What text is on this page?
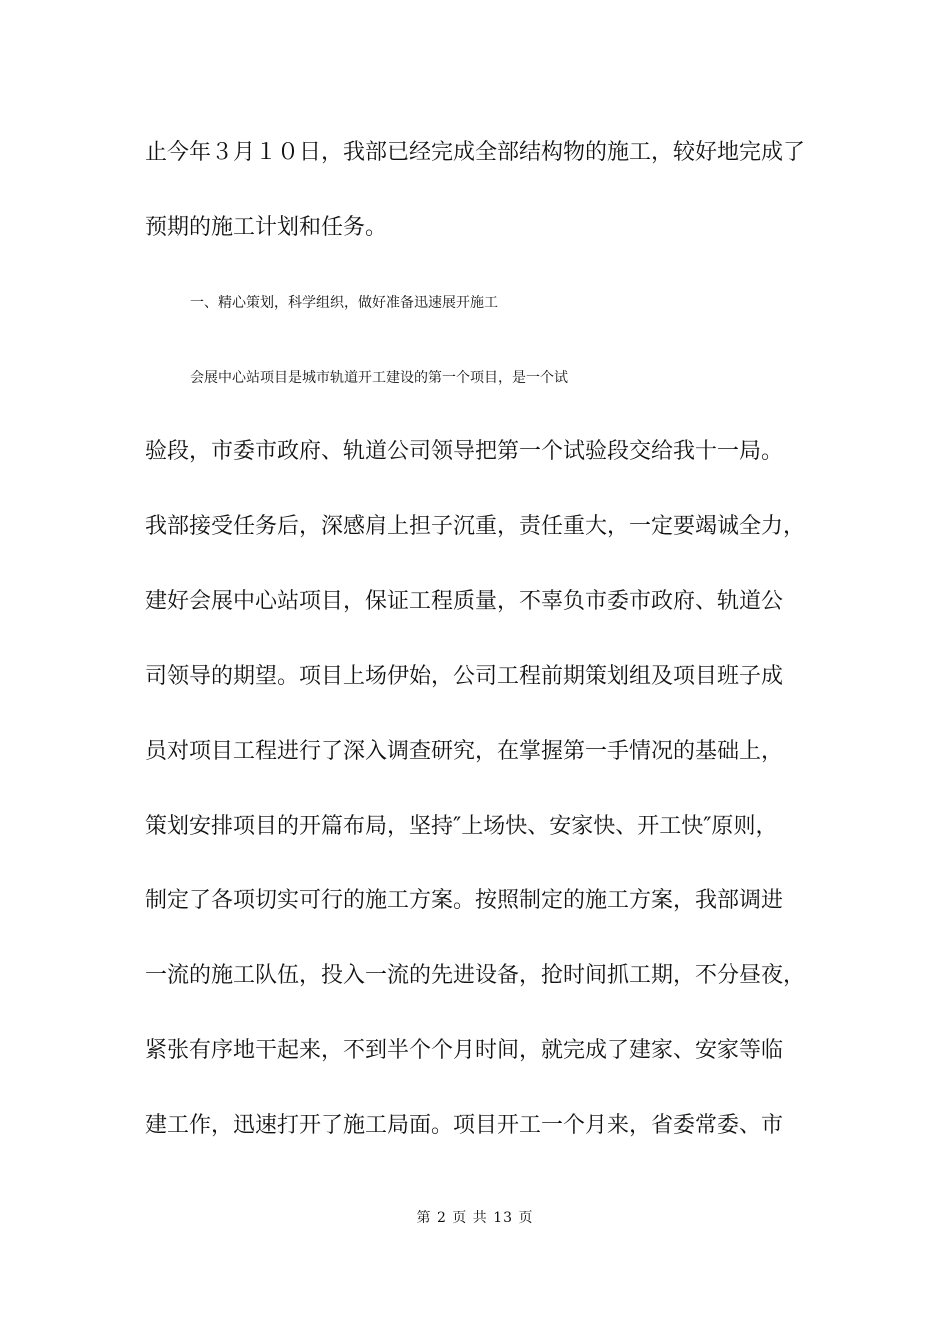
止今年３月１０日，我部已经完成全部结构物的施工，较好地完成了
预期的施工计划和任务。
一、精心策划，科学组织，做好准备迅速展开施工
会展中心站项目是城市轨道开工建设的第一个项目，是一个试
验段，市委市政府、轨道公司领导把第一个试验段交给我十一局。
我部接受任务后，深感肩上担子沉重，责任重大，一定要竭诚全力，
建好会展中心站项目，保证工程质量，不辜负市委市政府、轨道公
司领导的期望。项目上场伊始，公司工程前期策划组及项目班子成
员对项目工程进行了深入调查研究，在掌握第一手情况的基础上，
策划安排项目的开篇布局，坚持″上场快、安家快、开工快″原则，
制定了各项切实可行的施工方案。按照制定的施工方案，我部调进
一流的施工队伍，投入一流的先进设备，抢时间抓工期，不分昼夜，
紧张有序地干起来，不到半个个月时间，就完成了建家、安家等临
建工作，迅速打开了施工局面。项目开工一个月来，省委常委、市
第 2 页 共 13 页
